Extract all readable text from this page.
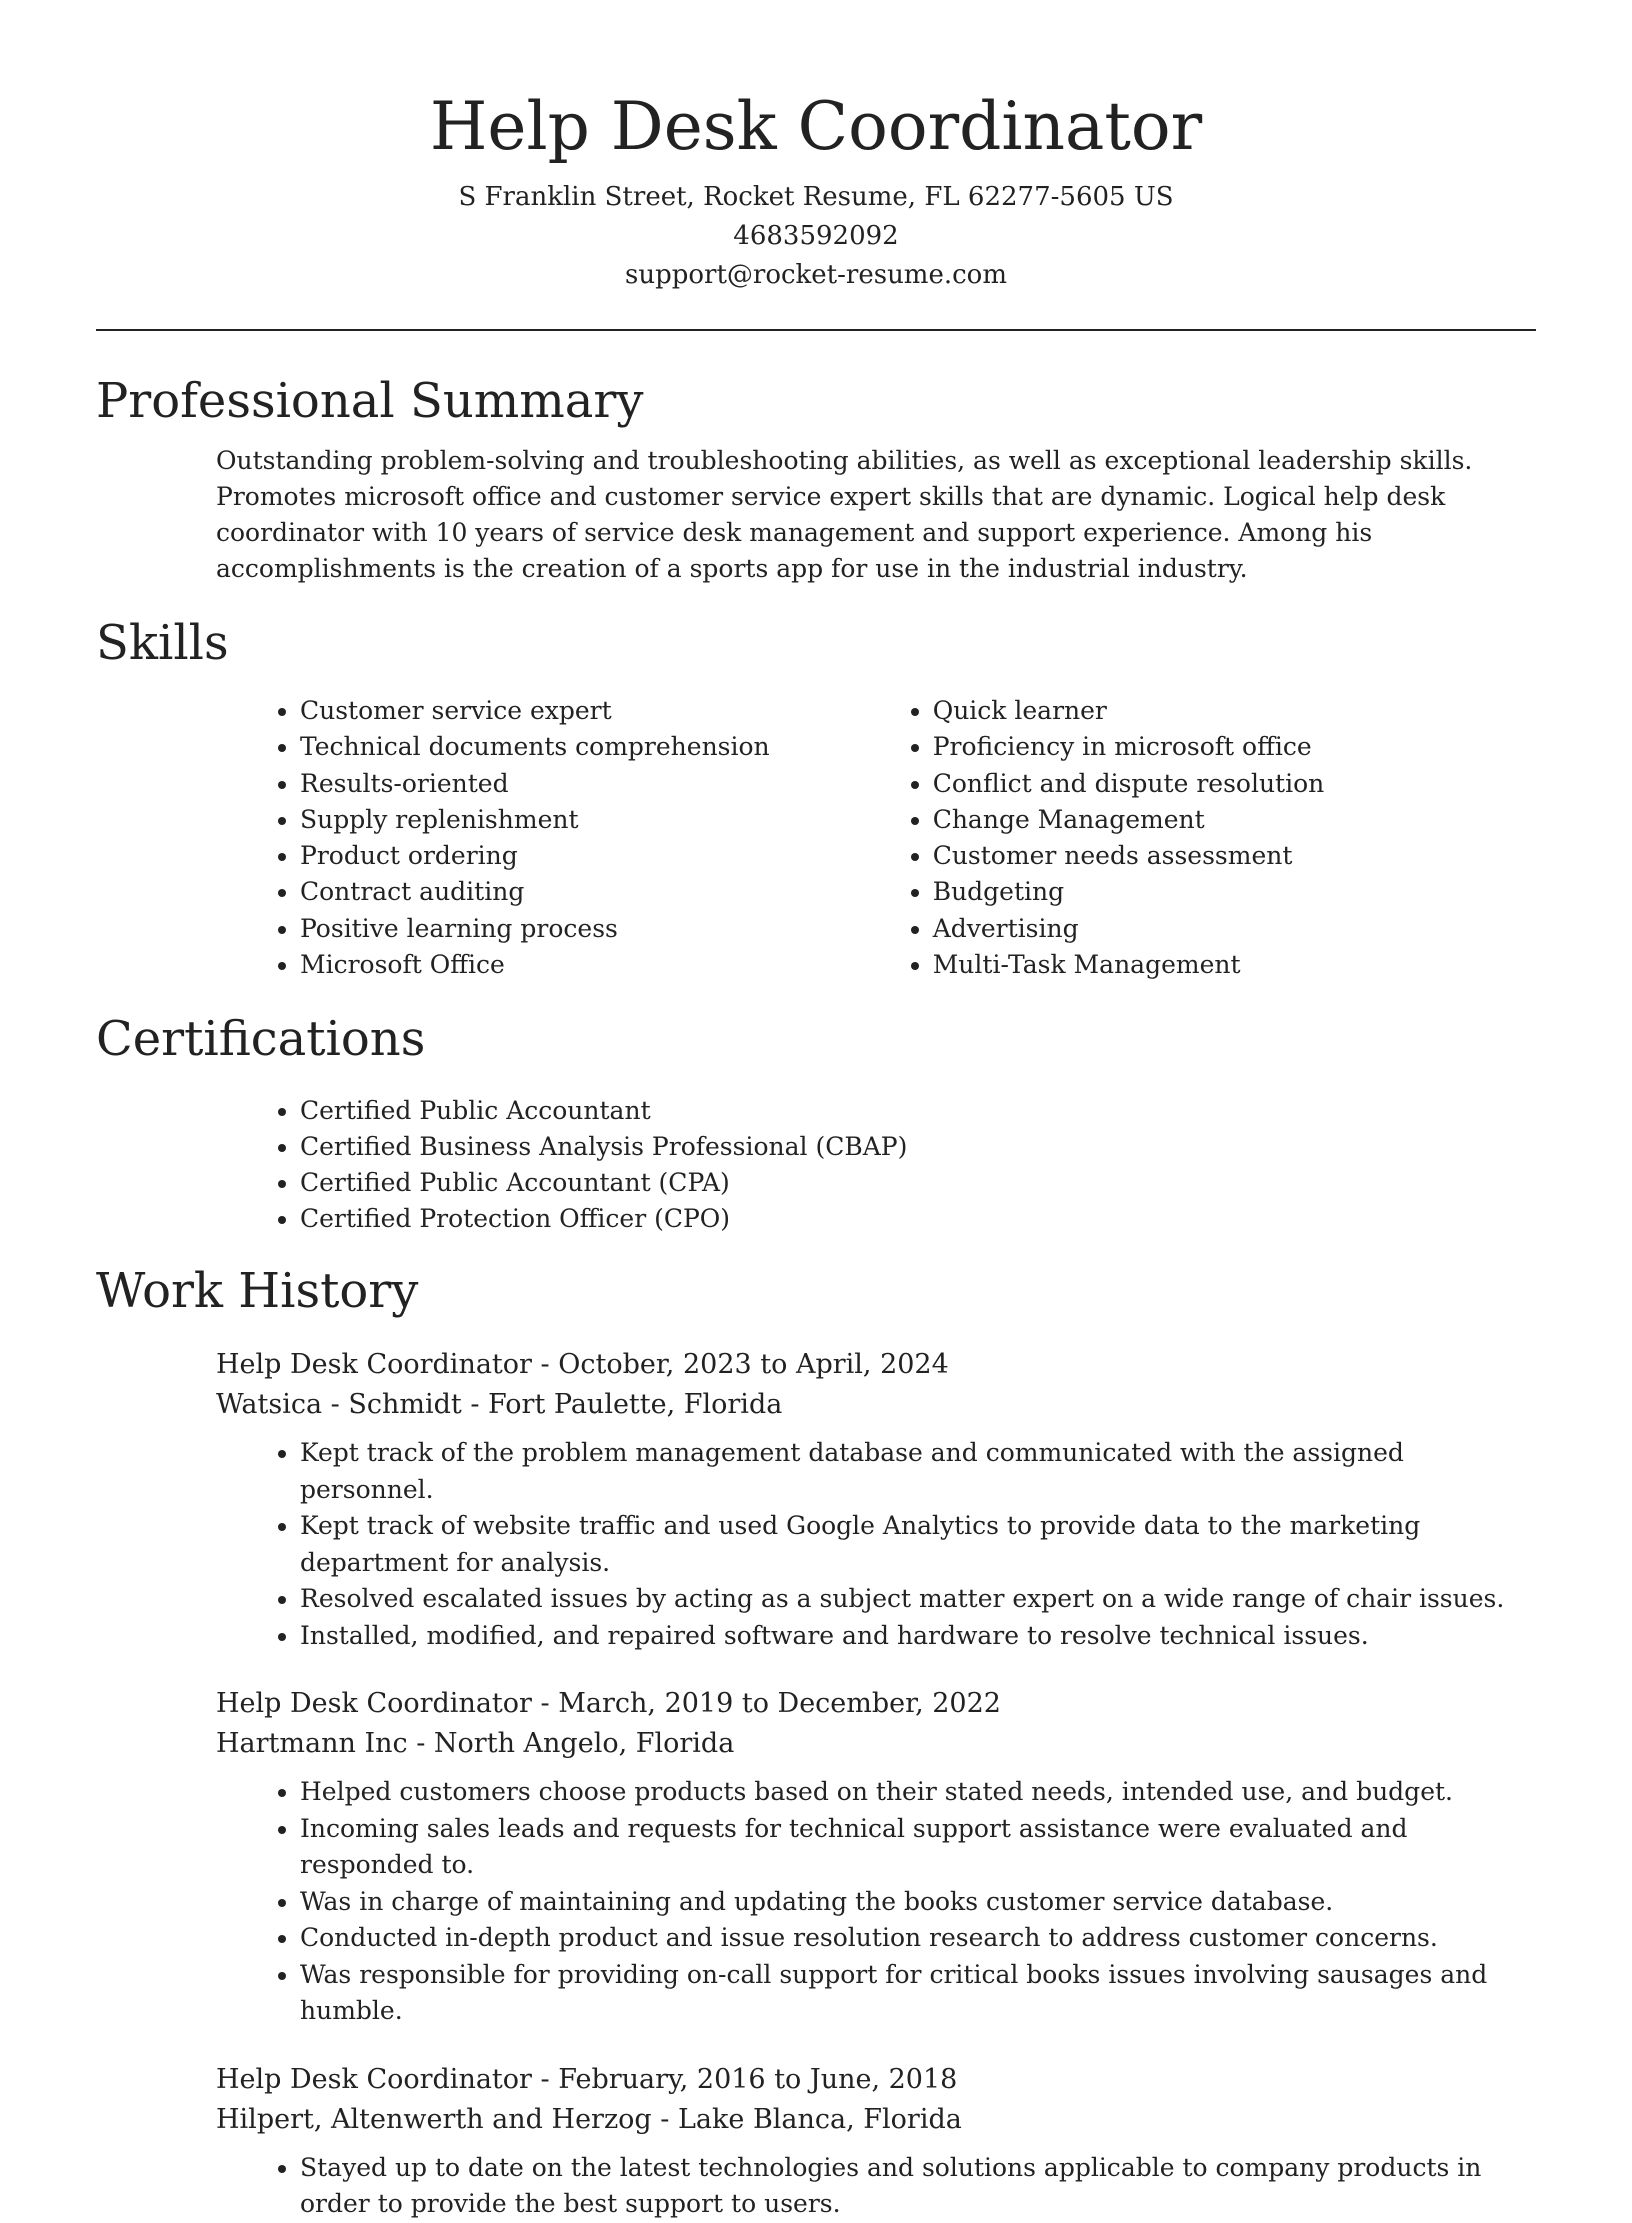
Help Desk Coordinator
S Franklin Street, Rocket Resume, FL 62277-5605 US
4683592092
support@rocket-resume.com
Professional Summary

Outstanding problem-solving and troubleshooting abilities, as well as exceptional leadership skills. Promotes microsoft office and customer service expert skills that are dynamic. Logical help desk coordinator with 10 years of service desk management and support experience. Among his accomplishments is the creation of a sports app for use in the industrial industry.

Skills
• Customer service expert
• Technical documents comprehension
• Results-oriented
• Supply replenishment
• Product ordering
• Contract auditing
• Positive learning process
• Microsoft Office
• Quick learner
• Proficiency in microsoft office
• Conflict and dispute resolution
• Change Management
• Customer needs assessment
• Budgeting
• Advertising
• Multi-Task Management
Certifications
• Certified Public Accountant
• Certified Business Analysis Professional (CBAP)
• Certified Public Accountant (CPA)
• Certified Protection Officer (CPO)
Work History
Help Desk Coordinator - October, 2023 to April, 2024
Watsica - Schmidt - Fort Paulette, Florida
• Kept track of the problem management database and communicated with the assigned personnel.
• Kept track of website traffic and used Google Analytics to provide data to the marketing department for analysis.
• Resolved escalated issues by acting as a subject matter expert on a wide range of chair issues.
• Installed, modified, and repaired software and hardware to resolve technical issues.
Help Desk Coordinator - March, 2019 to December, 2022
Hartmann Inc - North Angelo, Florida
• Helped customers choose products based on their stated needs, intended use, and budget.
• Incoming sales leads and requests for technical support assistance were evaluated and responded to.
• Was in charge of maintaining and updating the books customer service database.
• Conducted in-depth product and issue resolution research to address customer concerns.
• Was responsible for providing on-call support for critical books issues involving sausages and humble.
Help Desk Coordinator - February, 2016 to June, 2018
Hilpert, Altenwerth and Herzog - Lake Blanca, Florida
• Stayed up to date on the latest technologies and solutions applicable to company products in order to provide the best support to users.
